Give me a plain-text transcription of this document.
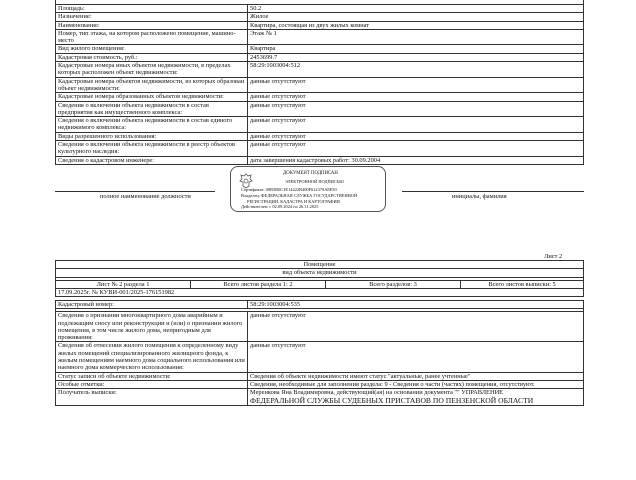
Площадь:	50.2
Назначение:	Жилое
Наименование:	Квартира, состоящая из двух жилых комнат
Номер, тип этажа, на котором расположено помещение, машино-место	Этаж № 1
Вид жилого помещения:	Квартира
Кадастровая стоимость, руб.:	2453699.7
Кадастровые номера иных объектов недвижимости, в пределах которых расположен объект недвижимости:	58:29:1003004:512
Кадастровые номера объектов недвижимости, из которых образован объект недвижимости:	данные отсутствуют
Кадастровые номера образованных объектов недвижимости:	данные отсутствуют
Сведения о включении объекта недвижимости в состав предприятия как имущественного комплекса:	данные отсутствуют
Сведения о включении объекта недвижимости в состав единого недвижимого комплекса:	данные отсутствуют
Виды разрешенного использования:	данные отсутствуют
Сведения о включении объекта недвижимости в реестр объектов культурного наследия:	данные отсутствуют
Сведения о кадастровом инженере:	дата завершения кадастровых работ: 30.09.2004
полное наименование должности	инициалы, фамилия
ДОКУМЕНТ ПОДПИСАН
ЭЛЕКТРОННОЙ ПОДПИСЬЮ
Сертификат: 00B5B0C1E14422B400F612379A8E50
Владелец: ФЕДЕРАЛЬНАЯ СЛУЖБА ГОСУДАРСТВЕННОЙ
РЕГИСТРАЦИИ, КАДАСТРА И КАРТОГРАФИИ
Действителен: с 02.09.2024 по 26.11.2025
Лист 2
Помещение
вид объекта недвижимости

Лист № 2 раздела 1	Всего листов раздела 1: 2	Всего разделов: 3	Всего листов выписки: 5
17.09.2025г. № КУВИ-001/2025-176151982
Кадастровый номер:	58:29:1003004:535

Сведения о признании многоквартирного дома аварийным и подлежащим сносу или реконструкции и (или) о признании жилого помещения, в том числе жилого дома, непригодным для проживания:	данные отсутствуют
Сведения об отнесении жилого помещения к определенному виду жилых помещений специализированного жилищного фонда, к жилым помещениям наемного дома социального использования или наемного дома коммерческого использования:	данные отсутствуют
Статус записи об объекте недвижимости:	Сведения об объекте недвижимости имеют статус "актуальные, ранее учтенные"
Особые отметки:	Сведения, необходимые для заполнения раздела: 9 - Сведения о части (частях) помещения, отсутствуют.
Получатель выписки:	Меренкова Яна Владимировна, действующий(ая) на основании документа "" УПРАВЛЕНИЕ
ФЕДЕРАЛЬНОЙ СЛУЖБЫ СУДЕБНЫХ ПРИСТАВОВ ПО ПЕНЗЕНСКОЙ ОБЛАСТИ
